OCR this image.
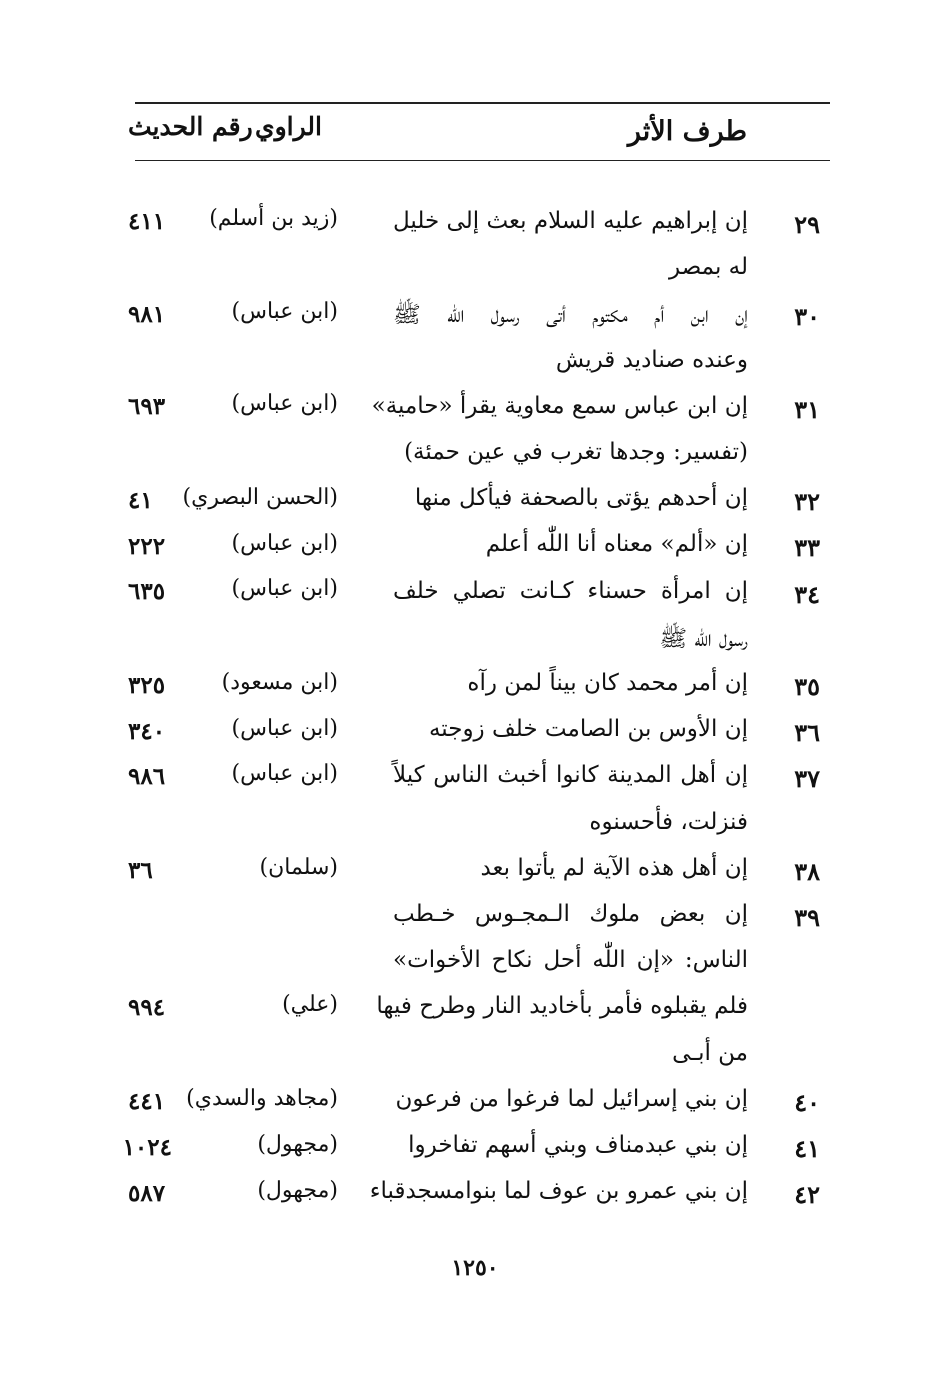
طرف الأثر
الراوي
رقم الحديث
٢٩
إن إبراهيم عليه السلام بعث إلى خليل
له بمصر
(زيد بن أسلم)
٤١١
٣٠
إن ابن أم مكتوم أتى رسول اللّٰه ﷺ
وعنده صناديد قريش
(ابن عباس)
٩٨١
٣١
إن ابن عباس سمع معاوية يقرأ «حامية»
(تفسير: وجدها تغرب في عين حمئة)
(ابن عباس)
٦٩٣
٣٢
إن أحدهم يؤتى بالصحفة فيأكل منها
(الحسن البصري)
٤١
٣٣
إن «ألم» معناه أنا اللّٰه أعلم
(ابن عباس)
٢٢٢
٣٤
إن امرأة حسناء كـانت تصلي خلف
رسول اللّٰه ﷺ
(ابن عباس)
٦٣٥
٣٥
إن أمر محمد كان بيناً لمن رآه
(ابن مسعود)
٣٢٥
٣٦
إن الأوس بن الصامت خلف زوجته
(ابن عباس)
٣٤٠
٣٧
إن أهل المدينة كانوا أخبث الناس كيلاً
فنزلت، فأحسنوه
(ابن عباس)
٩٨٦
٣٨
إن أهل هذه الآية لم يأتوا بعد
(سلمان)
٣٦
٣٩
إن بعض ملوك الـمجـوس خـطب
الناس: «إن اللّٰه أحل نكاح الأخوات»
فلم يقبلوه فأمر بأخاديد النار وطرح فيها
من أبـى
(علي)
٩٩٤
٤٠
إن بني إسرائيل لما فرغوا من فرعون
(مجاهد والسدي)
٤٤١
٤١
إن بني عبدمناف وبني أسهم تفاخروا
(مجهول)
١٠٢٤
٤٢
إن بني عمرو بن عوف لما بنوامسجدقباء
(مجهول)
٥٨٧
١٢٥٠
